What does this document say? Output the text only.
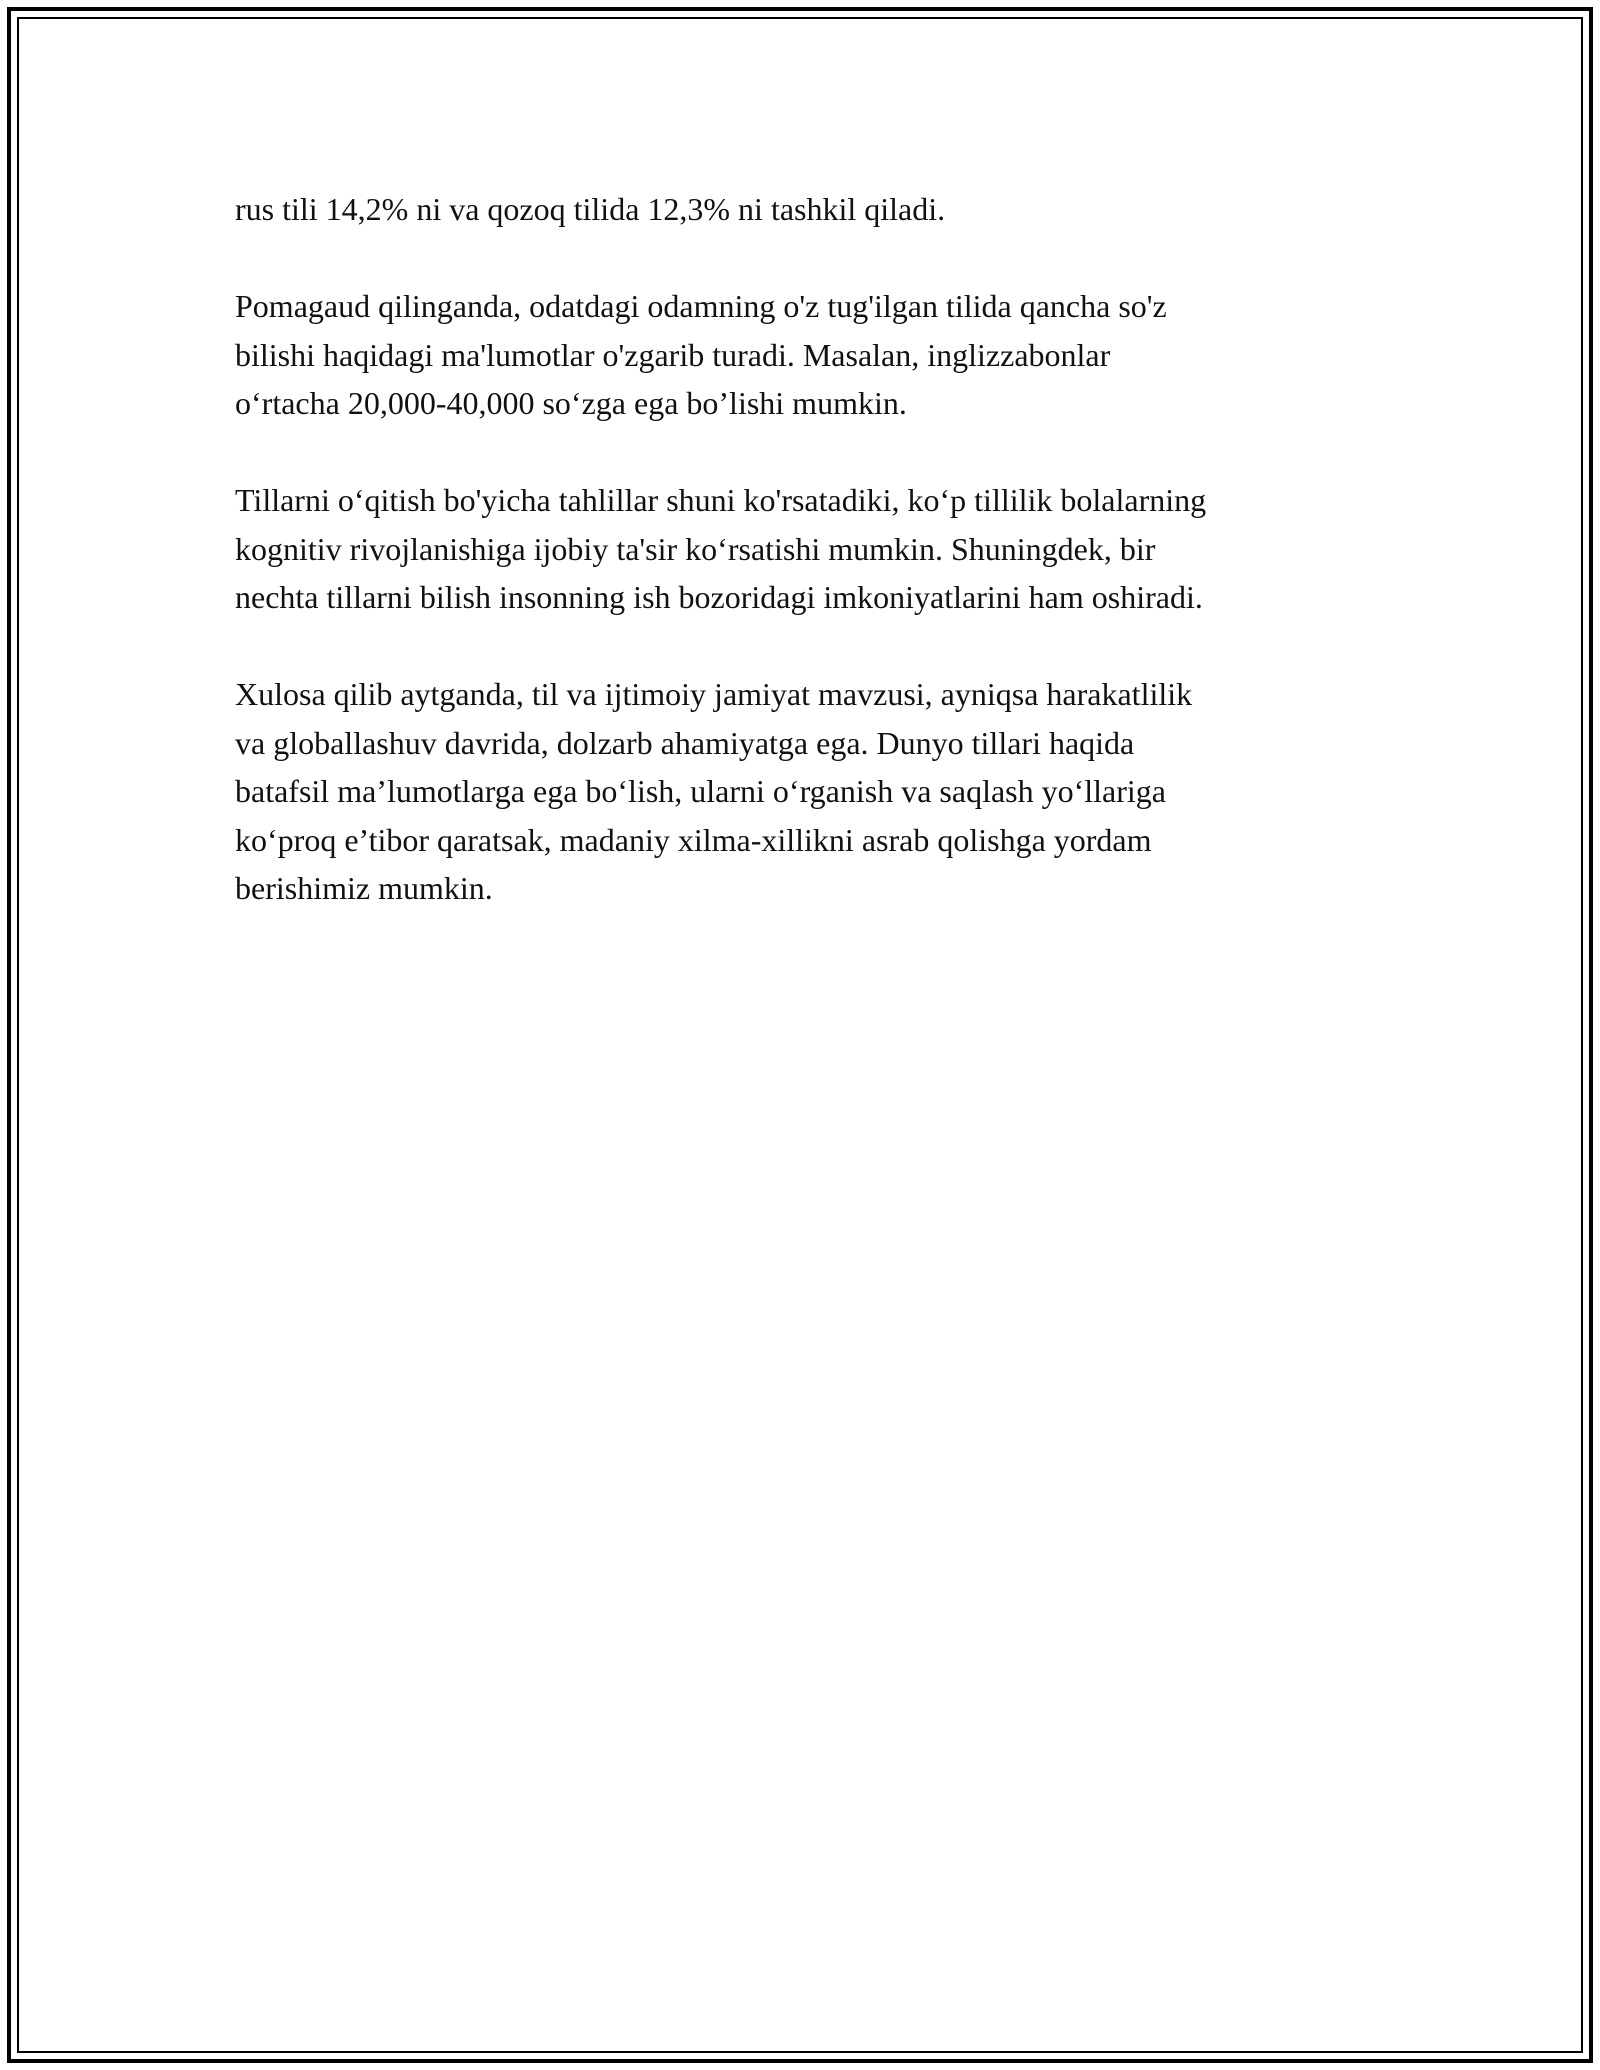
rus tili 14,2% ni va qozoq tilida 12,3% ni tashkil qiladi.

Pomagaud qilinganda, odatdagi odamning o'z tug'ilgan tilida qancha so'z
bilishi haqidagi ma'lumotlar o'zgarib turadi. Masalan, inglizzabonlar
o‘rtacha 20,000-40,000 so‘zga ega bo’lishi mumkin.

Tillarni o‘qitish bo'yicha tahlillar shuni ko'rsatadiki, ko‘p tillilik bolalarning
kognitiv rivojlanishiga ijobiy ta'sir ko‘rsatishi mumkin. Shuningdek, bir
nechta tillarni bilish insonning ish bozoridagi imkoniyatlarini ham oshiradi.

Xulosa qilib aytganda, til va ijtimoiy jamiyat mavzusi, ayniqsa harakatlilik
va globallashuv davrida, dolzarb ahamiyatga ega. Dunyo tillari haqida
batafsil ma’lumotlarga ega bo‘lish, ularni o‘rganish va saqlash yo‘llariga
ko‘proq e’tibor qaratsak, madaniy xilma-xillikni asrab qolishga yordam
berishimiz mumkin.
